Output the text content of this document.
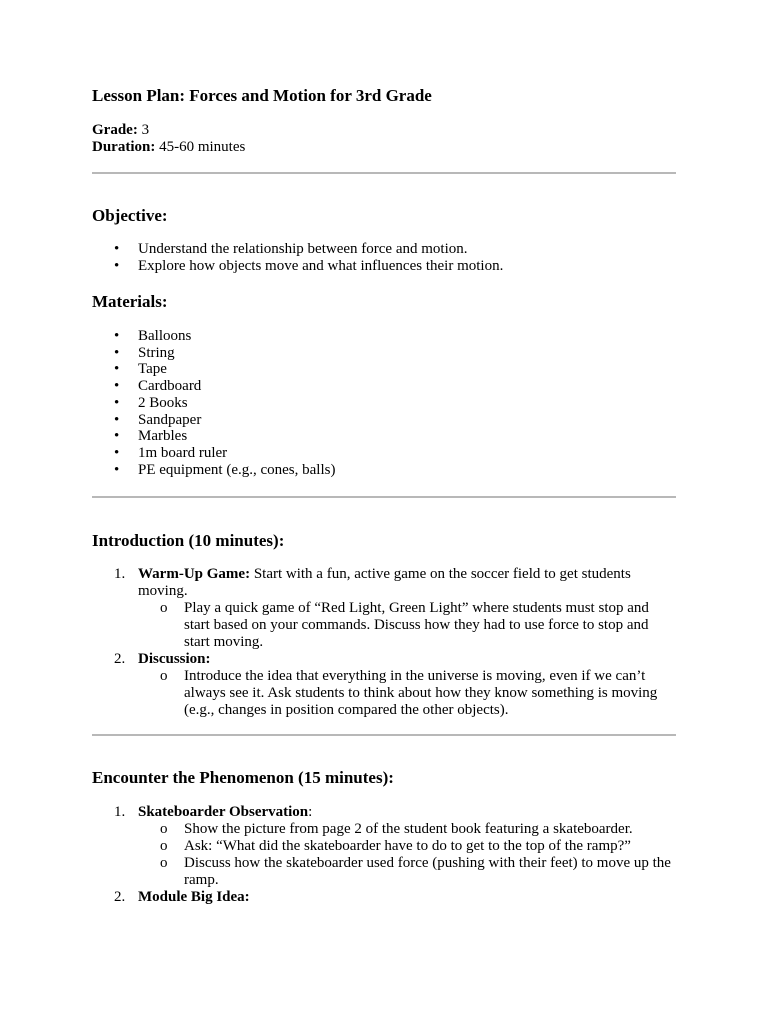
Lesson Plan: Forces and Motion for 3rd Grade
Grade: 3
Duration: 45-60 minutes
Objective:
• Understand the relationship between force and motion.
• Explore how objects move and what influences their motion.
Materials:
• Balloons
• String
• Tape
• Cardboard
• 2 Books
• Sandpaper
• Marbles
• 1m board ruler
• PE equipment (e.g., cones, balls)
Introduction (10 minutes):
1. Warm-Up Game: Start with a fun, active game on the soccer field to get students moving.
o Play a quick game of “Red Light, Green Light” where students must stop and start based on your commands. Discuss how they had to use force to stop and start moving.
2. Discussion:
o Introduce the idea that everything in the universe is moving, even if we can’t always see it. Ask students to think about how they know something is moving (e.g., changes in position compared the other objects).
Encounter the Phenomenon (15 minutes):
1. Skateboarder Observation:
o Show the picture from page 2 of the student book featuring a skateboarder.
o Ask: “What did the skateboarder have to do to get to the top of the ramp?”
o Discuss how the skateboarder used force (pushing with their feet) to move up the ramp.
2. Module Big Idea:
